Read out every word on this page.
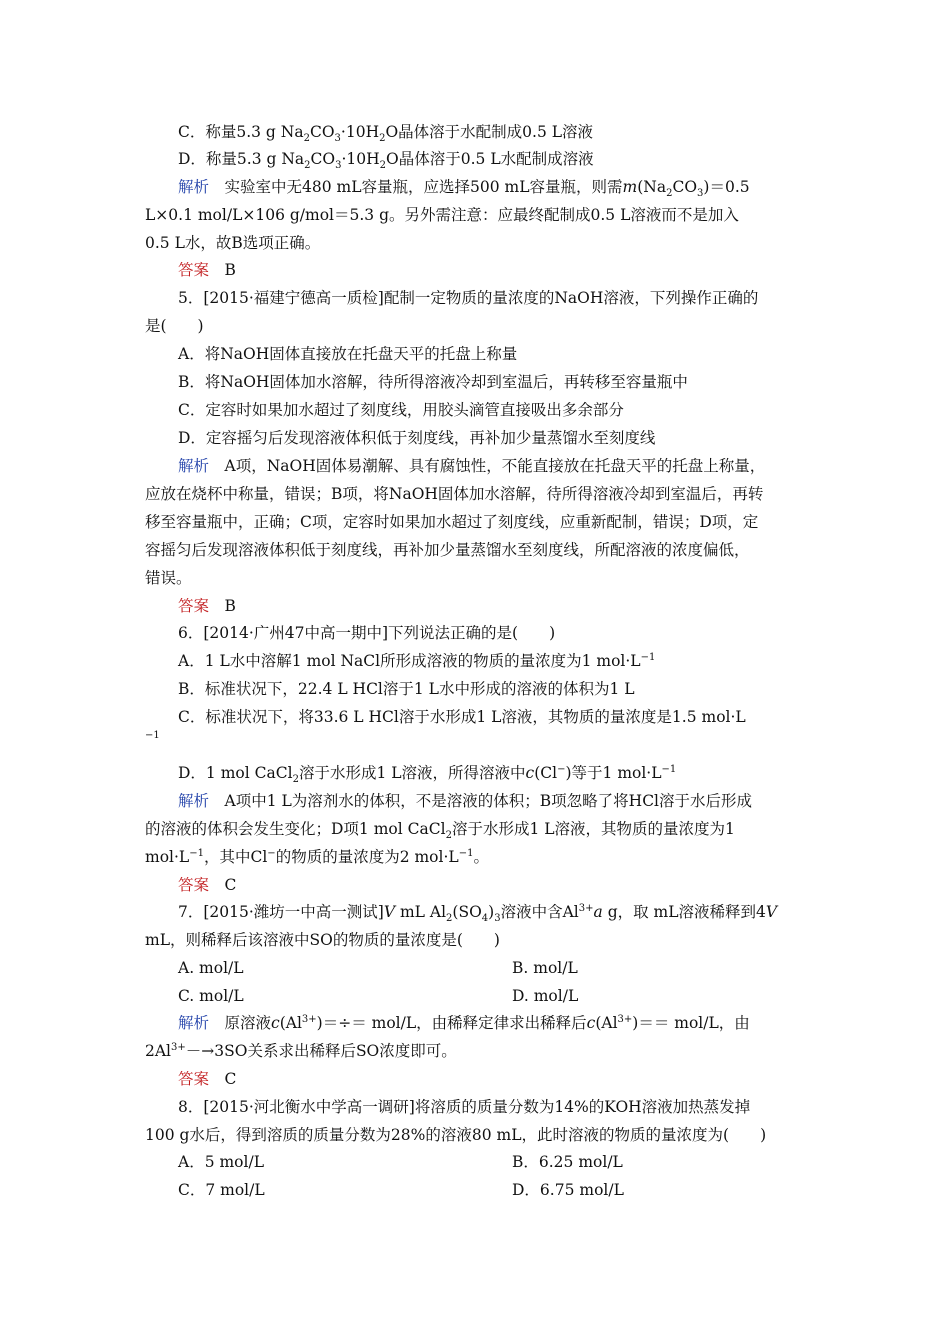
C．称量5.3 g $Na_2CO_3\cdot 10H_2O$晶体溶于水配制成0.5 L溶液
D．称量5.3 g $Na_2CO_3\cdot 10H_2O$晶体溶于0.5 L水配制成溶液
解析　实验室中无480 mL容量瓶，应选择500 mL容量瓶，则需$m(Na_2CO_3)=0.5$
L×0.1 mol/L×106 g/mol＝5.3 g。另外需注意：应最终配制成0.5 L溶液而不是加入
0.5 L水，故B选项正确。
答案　B
5．[2015·福建宁德高一质检]配制一定物质的量浓度的NaOH溶液，下列操作正确的
是(　　)
A．将NaOH固体直接放在托盘天平的托盘上称量
B．将NaOH固体加水溶解，待所得溶液冷却到室温后，再转移至容量瓶中
C．定容时如果加水超过了刻度线，用胶头滴管直接吸出多余部分
D．定容摇匀后发现溶液体积低于刻度线，再补加少量蒸馏水至刻度线
解析　A项，NaOH固体易潮解、具有腐蚀性，不能直接放在托盘天平的托盘上称量，
应放在烧杯中称量，错误；B项，将NaOH固体加水溶解，待所得溶液冷却到室温后，再转
移至容量瓶中，正确；C项，定容时如果加水超过了刻度线，应重新配制，错误；D项，定
容摇匀后发现溶液体积低于刻度线，再补加少量蒸馏水至刻度线，所配溶液的浓度偏低，
错误。
答案　B
6．[2014·广州47中高一期中]下列说法正确的是(　　)
A．1 L水中溶解1 mol NaCl所形成溶液的物质的量浓度为1 $mol\cdot L^{-1}$
B．标准状况下，22.4 L HCl溶于1 L水中形成的溶液的体积为1 L
C．标准状况下，将33.6 L HCl溶于水形成1 L溶液，其物质的量浓度是1.5 mol·L
−1
D．1 mol CaCl$_2$溶于水形成1 L溶液，所得溶液中c(Cl−)等于1 $mol\cdot L^{-1}$
解析　A项中1 L为溶剂水的体积，不是溶液的体积；B项忽略了将HCl溶于水后形成
的溶液的体积会发生变化；D项1 mol CaCl$_2$溶于水形成1 L溶液，其物质的量浓度为1
$mol\cdot L^{-1}$，其中Cl−的物质的量浓度为2 $mol\cdot L^{-1}$。
答案　C
7．[2015·潍坊一中高一测试]V mL $Al_2(SO_4)_3$溶液中含$Al^{3+}a$ g，取 mL溶液稀释到4V
mL，则稀释后该溶液中SO的物质的量浓度是(　　)
A. mol/L	B. mol/L
C. mol/L	D. mol/L
解析　原溶液$c(Al^{3+})=\div= mol/L$，由稀释定律求出稀释后$c(Al^{3+})== mol/L$，由
$2Al^{3+}-\to 3SO$关系求出稀释后SO浓度即可。
答案　C
8．[2015·河北衡水中学高一调研]将溶质的质量分数为14%的KOH溶液加热蒸发掉
100 g水后，得到溶质的质量分数为28%的溶液80 mL，此时溶液的物质的量浓度为(　　)
A．5 mol/L	B．6.25 mol/L
C．7 mol/L	D．6.75 mol/L
